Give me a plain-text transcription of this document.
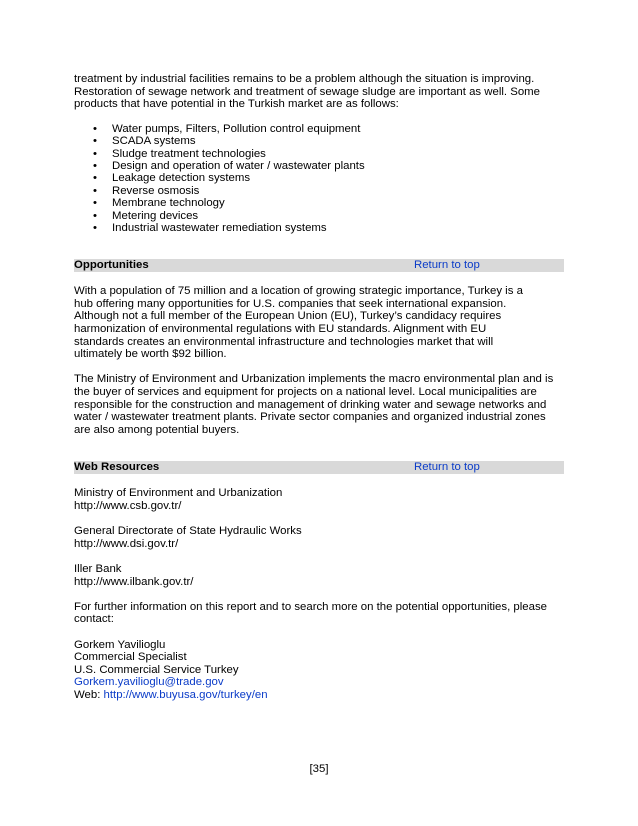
treatment by industrial facilities remains to be a problem although the situation is improving.

Restoration of sewage network and treatment of sewage sludge are important as well. Some

products that have potential in the Turkish market are as follows:

• Water pumps, Filters, Pollution control equipment
• SCADA systems
• Sludge treatment technologies
• Design and operation of water / wastewater plants
• Leakage detection systems
• Reverse osmosis
• Membrane technology
• Metering devices
• Industrial wastewater remediation systems
Opportunities	Return to top

With a population of 75 million and a location of growing strategic importance, Turkey is a

hub offering many opportunities for U.S. companies that seek international expansion.

Although not a full member of the European Union (EU), Turkey’s candidacy requires

harmonization of environmental regulations with EU standards. Alignment with EU

standards creates an environmental infrastructure and technologies market that will

ultimately be worth $92 billion.

The Ministry of Environment and Urbanization implements the macro environmental plan and is

the buyer of services and equipment for projects on a national level. Local municipalities are

responsible for the construction and management of drinking water and sewage networks and

water / wastewater treatment plants. Private sector companies and organized industrial zones

are also among potential buyers.

Web Resources	Return to top

Ministry of Environment and Urbanization

http://www.csb.gov.tr/

General Directorate of State Hydraulic Works

http://www.dsi.gov.tr/

Iller Bank

http://www.ilbank.gov.tr/

For further information on this report and to search more on the potential opportunities, please

contact:

Gorkem Yavilioglu

Commercial Specialist

U.S. Commercial Service Turkey

Gorkem.yavilioglu@trade.gov

Web: http://www.buyusa.gov/turkey/en

[35]
